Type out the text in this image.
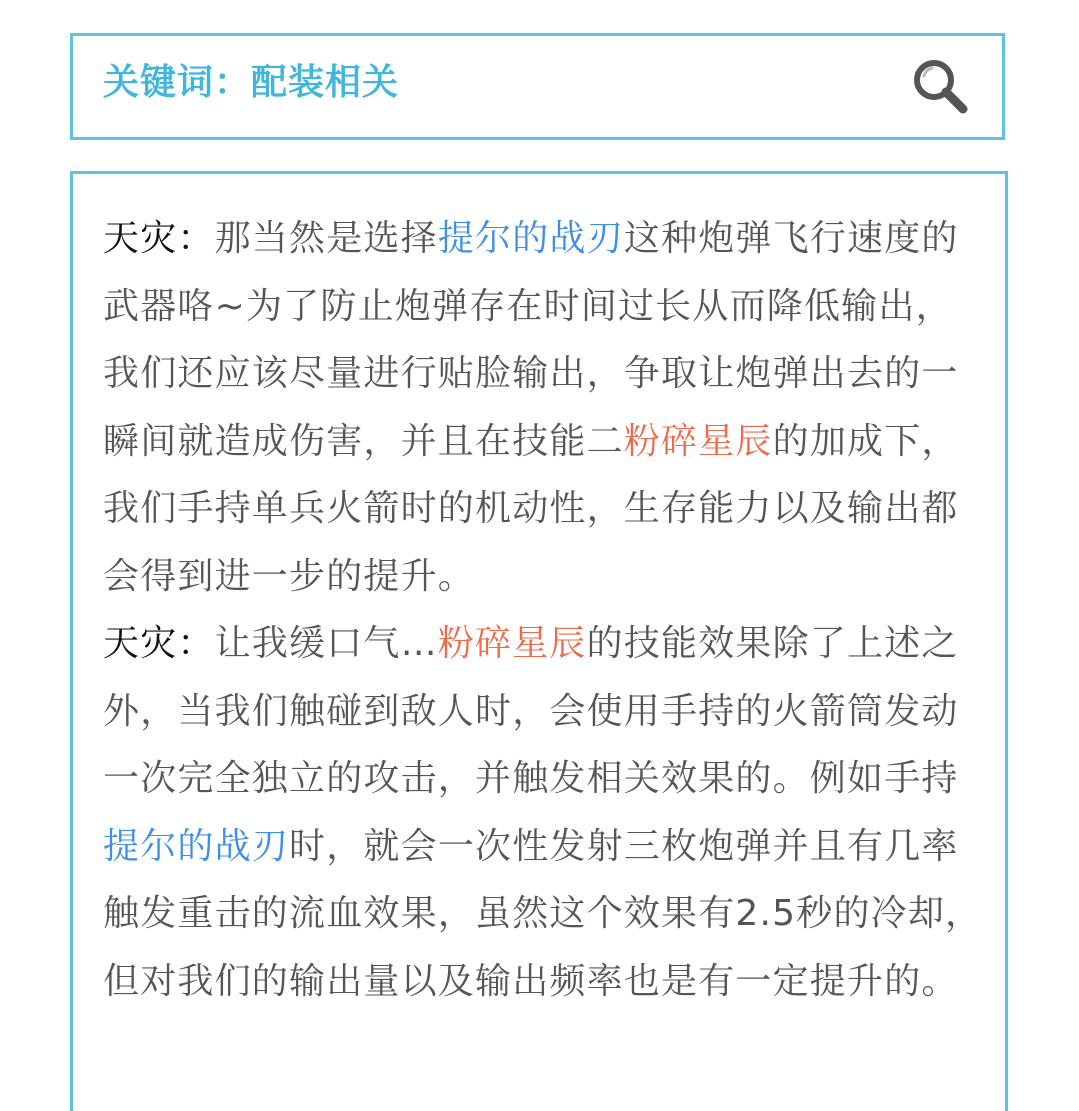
关键词：配装相关

天灾：那当然是选择提尔的战刃这种炮弹飞行速度的武器咯~为了防止炮弹存在时间过长从而降低输出，我们还应该尽量进行贴脸输出，争取让炮弹出去的一瞬间就造成伤害，并且在技能二粉碎星辰的加成下，我们手持单兵火箭时的机动性，生存能力以及输出都会得到进一步的提升。

天灾：让我缓口气…粉碎星辰的技能效果除了上述之外，当我们触碰到敌人时，会使用手持的火箭筒发动一次完全独立的攻击，并触发相关效果的。例如手持提尔的战刃时，就会一次性发射三枚炮弹并且有几率触发重击的流血效果，虽然这个效果有2.5秒的冷却，但对我们的输出量以及输出频率也是有一定提升的。
